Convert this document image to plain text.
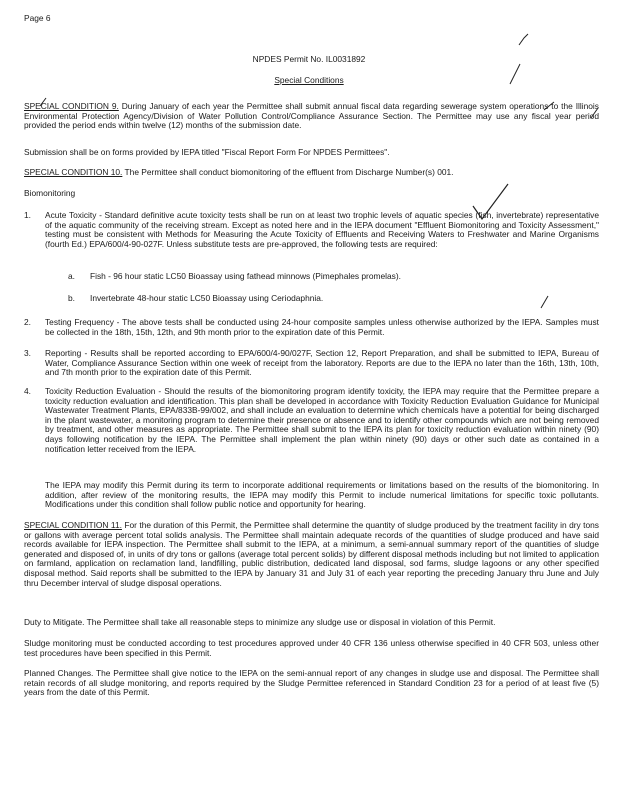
Page 6
NPDES Permit No. IL0031892
Special Conditions
SPECIAL CONDITION 9. During January of each year the Permittee shall submit annual fiscal data regarding sewerage system operations to the Illinois Environmental Protection Agency/Division of Water Pollution Control/Compliance Assurance Section. The Permittee may use any fiscal year period provided the period ends within twelve (12) months of the submission date.
Submission shall be on forms provided by IEPA titled "Fiscal Report Form For NPDES Permittees".
SPECIAL CONDITION 10. The Permittee shall conduct biomonitoring of the effluent from Discharge Number(s) 001.
Biomonitoring
1. Acute Toxicity - Standard definitive acute toxicity tests shall be run on at least two trophic levels of aquatic species (fish, invertebrate) representative of the aquatic community of the receiving stream. Except as noted here and in the IEPA document "Effluent Biomonitoring and Toxicity Assessment," testing must be consistent with Methods for Measuring the Acute Toxicity of Effluents and Receiving Waters to Freshwater and Marine Organisms (fourth Ed.) EPA/600/4-90-027F. Unless substitute tests are pre-approved, the following tests are required:
a. Fish - 96 hour static LC50 Bioassay using fathead minnows (Pimephales promelas).
b. Invertebrate 48-hour static LC50 Bioassay using Ceriodaphnia.
2. Testing Frequency - The above tests shall be conducted using 24-hour composite samples unless otherwise authorized by the IEPA. Samples must be collected in the 18th, 15th, 12th, and 9th month prior to the expiration date of this Permit.
3. Reporting - Results shall be reported according to EPA/600/4-90/027F, Section 12, Report Preparation, and shall be submitted to IEPA, Bureau of Water, Compliance Assurance Section within one week of receipt from the laboratory. Reports are due to the IEPA no later than the 16th, 13th, 10th, and 7th month prior to the expiration date of this Permit.
4. Toxicity Reduction Evaluation - Should the results of the biomonitoring program identify toxicity, the IEPA may require that the Permittee prepare a toxicity reduction evaluation and identification. This plan shall be developed in accordance with Toxicity Reduction Evaluation Guidance for Municipal Wastewater Treatment Plants, EPA/833B-99/002, and shall include an evaluation to determine which chemicals have a potential for being discharged in the plant wastewater, a monitoring program to determine their presence or absence and to identify other compounds which are not being removed by treatment, and other measures as appropriate. The Permittee shall submit to the IEPA its plan for toxicity reduction evaluation within ninety (90) days following notification by the IEPA. The Permittee shall implement the plan within ninety (90) days or other such date as contained in a notification letter received from the IEPA.
The IEPA may modify this Permit during its term to incorporate additional requirements or limitations based on the results of the biomonitoring. In addition, after review of the monitoring results, the IEPA may modify this Permit to include numerical limitations for specific toxic pollutants. Modifications under this condition shall follow public notice and opportunity for hearing.
SPECIAL CONDITION 11. For the duration of this Permit, the Permittee shall determine the quantity of sludge produced by the treatment facility in dry tons or gallons with average percent total solids analysis. The Permittee shall maintain adequate records of the quantities of sludge produced and have said records available for IEPA inspection. The Permittee shall submit to the IEPA, at a minimum, a semi-annual summary report of the quantities of sludge generated and disposed of, in units of dry tons or gallons (average total percent solids) by different disposal methods including but not limited to application on farmland, application on reclamation land, landfilling, public distribution, dedicated land disposal, sod farms, sludge lagoons or any other specified disposal method. Said reports shall be submitted to the IEPA by January 31 and July 31 of each year reporting the preceding January thru June and July thru December interval of sludge disposal operations.
Duty to Mitigate. The Permittee shall take all reasonable steps to minimize any sludge use or disposal in violation of this Permit.
Sludge monitoring must be conducted according to test procedures approved under 40 CFR 136 unless otherwise specified in 40 CFR 503, unless other test procedures have been specified in this Permit.
Planned Changes. The Permittee shall give notice to the IEPA on the semi-annual report of any changes in sludge use and disposal. The Permittee shall retain records of all sludge monitoring, and reports required by the Sludge Permittee referenced in Standard Condition 23 for a period of at least five (5) years from the date of this Permit.
